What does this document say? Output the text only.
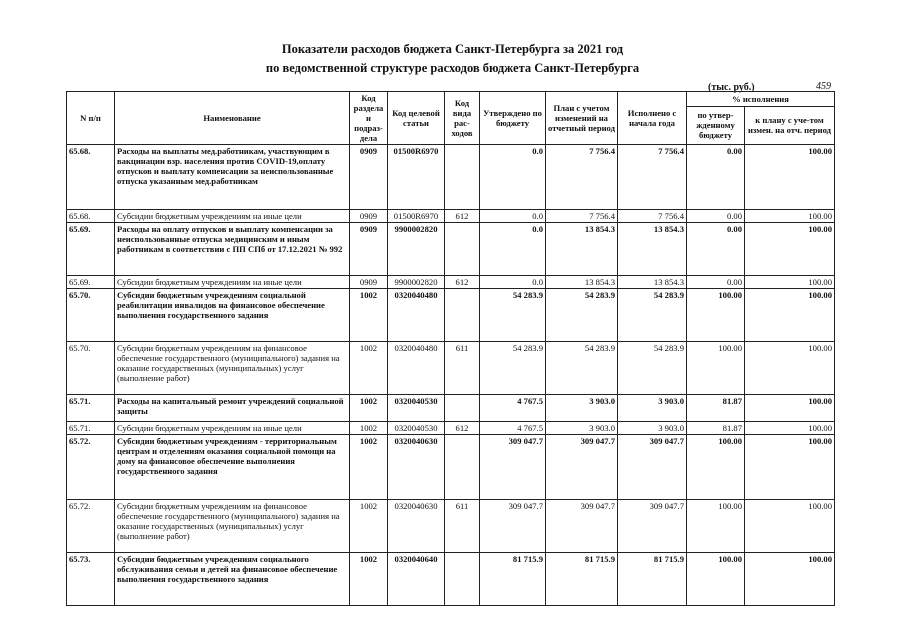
Показатели расходов бюджета Санкт-Петербурга за 2021 год
по ведомственной структуре расходов бюджета Санкт-Петербурга
(тыс. руб.)	459
N п/п	Наименование	Код раздела и подраз-дела	Код целевой статьи	Код вида рас-ходов	Утверждено по бюджету	План с учетом изменений на отчетный период	Исполнено с начала года	% исполнения	
								по утвер-жденному бюджету	к плану с уче-том измен. на отч. период
65.68.	Расходы на выплаты мед.работникам, участвующим в вакцинации взр. населения против COVID-19,оплату отпусков и выплату компенсации за неиспользованные отпуска указанным мед.работникам	0909	01500R6970		0.0	7 756.4	7 756.4	0.00	100.00
65.68.	Субсидии бюджетным учреждениям на иные цели	0909	01500R6970	612	0.0	7 756.4	7 756.4	0.00	100.00
65.69.	Расходы на оплату отпусков и выплату компенсации за неиспользованные отпуска медицинским и иным работникам в соответствии с ПП СПб от 17.12.2021 № 992	0909	9900002820		0.0	13 854.3	13 854.3	0.00	100.00
65.69.	Субсидии бюджетным учреждениям на иные цели	0909	9900002820	612	0.0	13 854.3	13 854.3	0.00	100.00
65.70.	Субсидии бюджетным учреждениям социальной реабилитации инвалидов на финансовое обеспечение выполнения государственного задания	1002	0320040480		54 283.9	54 283.9	54 283.9	100.00	100.00
65.70.	Субсидии бюджетным учреждениям на финансовое обеспечение государственного (муниципального) задания на оказание государственных (муниципальных) услуг (выполнение работ)	1002	0320040480	611	54 283.9	54 283.9	54 283.9	100.00	100.00
65.71.	Расходы на капитальный ремонт учреждений социальной защиты	1002	0320040530		4 767.5	3 903.0	3 903.0	81.87	100.00
65.71.	Субсидии бюджетным учреждениям на иные цели	1002	0320040530	612	4 767.5	3 903.0	3 903.0	81.87	100.00
65.72.	Субсидии бюджетным учреждениям - территориальным центрам и отделениям оказания социальной помощи на дому на финансовое обеспечение выполнения государственного задания	1002	0320040630		309 047.7	309 047.7	309 047.7	100.00	100.00
65.72.	Субсидии бюджетным учреждениям на финансовое обеспечение государственного (муниципального) задания на оказание государственных (муниципальных) услуг (выполнение работ)	1002	0320040630	611	309 047.7	309 047.7	309 047.7	100.00	100.00
65.73.	Субсидии бюджетным учреждениям социального обслуживания семьи и детей на финансовое обеспечение выполнения государственного задания	1002	0320040640		81 715.9	81 715.9	81 715.9	100.00	100.00
